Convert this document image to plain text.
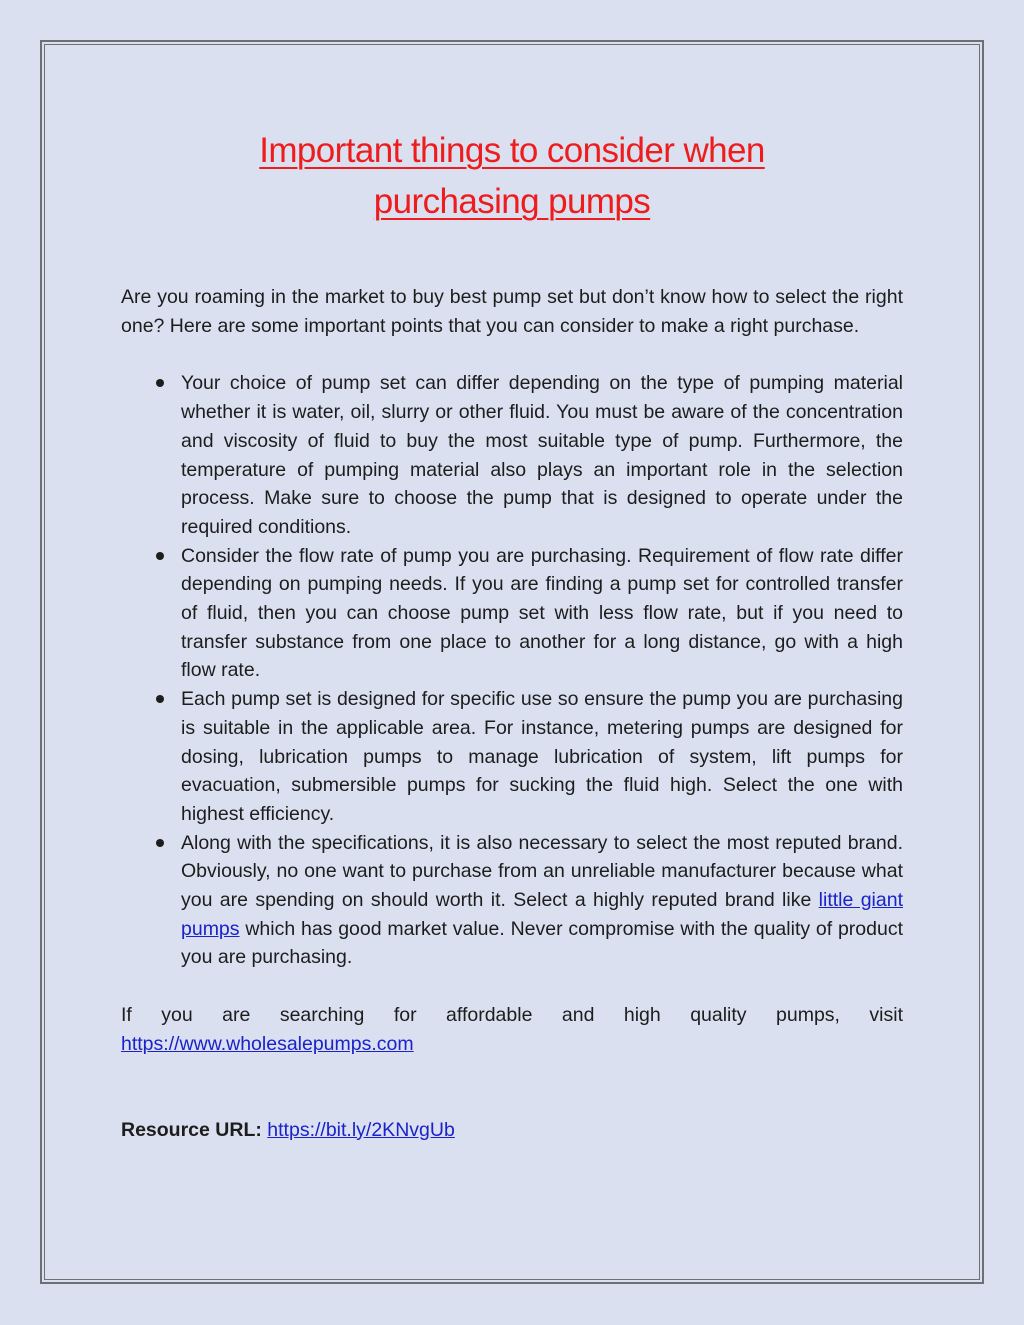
Important things to consider when
purchasing pumps

Are you roaming in the market to buy best pump set but don’t know how to select the right one? Here are some important points that you can consider to make a right purchase.

Your choice of pump set can differ depending on the type of pumping material whether it is water, oil, slurry or other fluid. You must be aware of the concentration and viscosity of fluid to buy the most suitable type of pump. Furthermore, the temperature of pumping material also plays an important role in the selection process. Make sure to choose the pump that is designed to operate under the required conditions.
Consider the flow rate of pump you are purchasing. Requirement of flow rate differ depending on pumping needs. If you are finding a pump set for controlled transfer of fluid, then you can choose pump set with less flow rate, but if you need to transfer substance from one place to another for a long distance, go with a high flow rate.
Each pump set is designed for specific use so ensure the pump you are purchasing is suitable in the applicable area. For instance, metering pumps are designed for dosing, lubrication pumps to manage lubrication of system, lift pumps for evacuation, submersible pumps for sucking the fluid high. Select the one with highest efficiency.
Along with the specifications, it is also necessary to select the most reputed brand. Obviously, no one want to purchase from an unreliable manufacturer because what you are spending on should worth it. Select a highly reputed brand like little giant pumps which has good market value. Never compromise with the quality of product you are purchasing.

If you are searching for affordable and high quality pumps, visit
https://www.wholesalepumps.com

Resource URL: https://bit.ly/2KNvgUb
